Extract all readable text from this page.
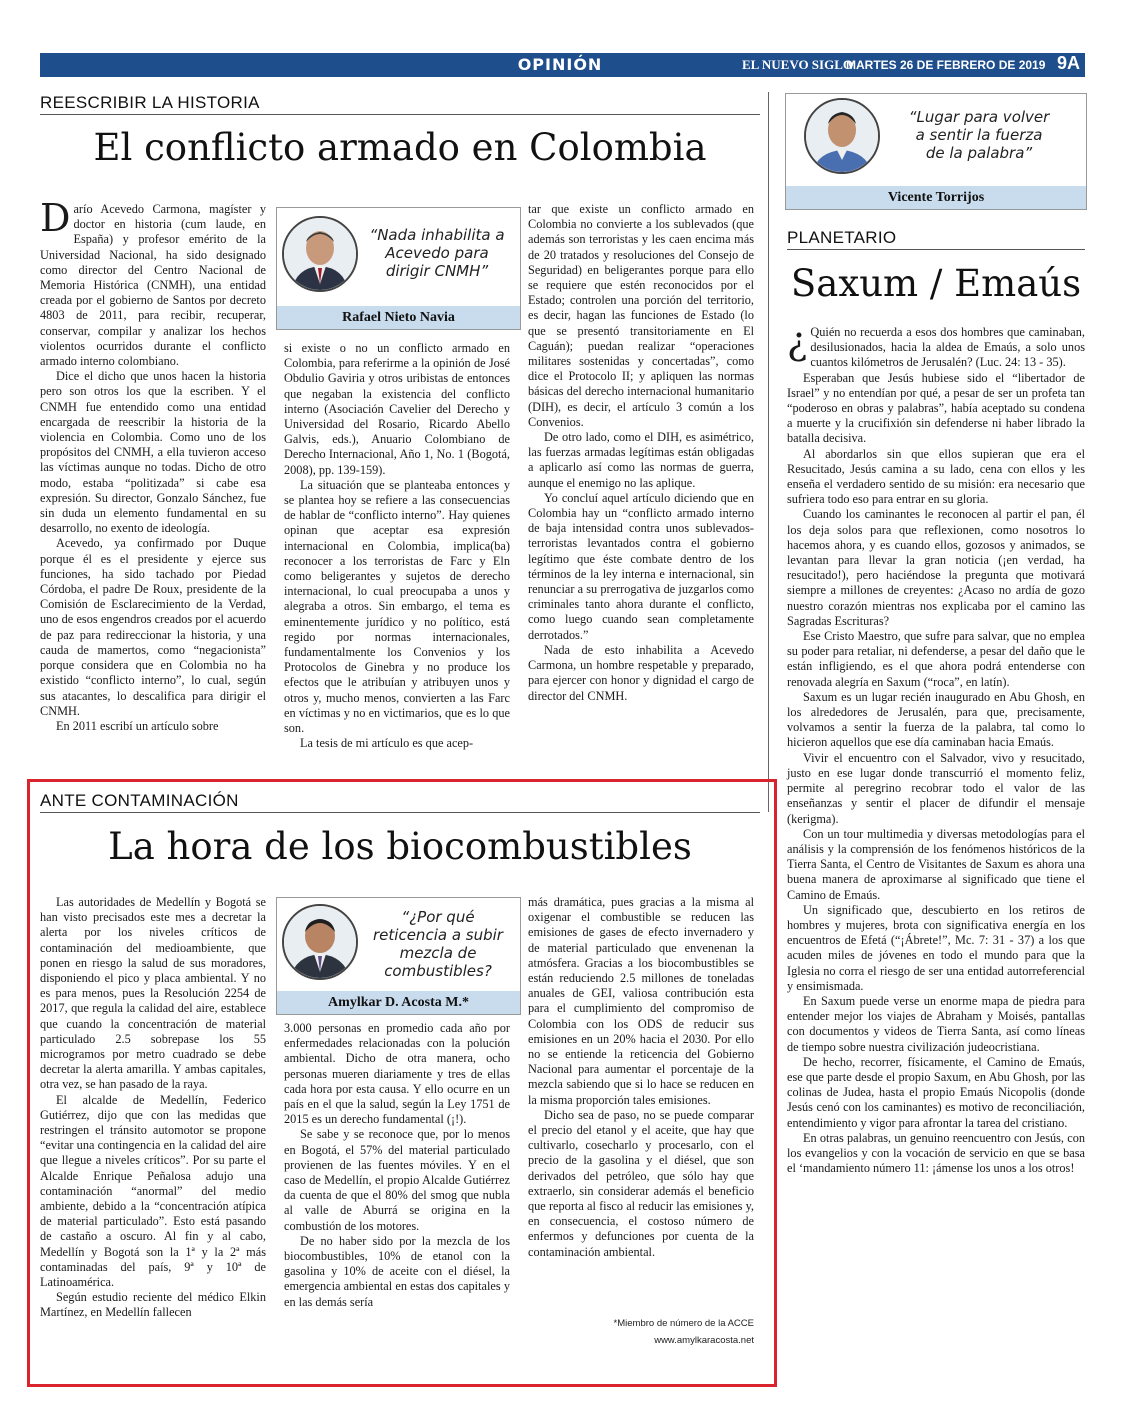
OPINIÓN	EL NUEVO SIGLO
MARTES 26 DE FEBRERO DE 2019 9A
REESCRIBIR LA HISTORIA
El conflicto armado en Colombia

Darío Acevedo Carmona, magíster y doctor en historia (cum laude, en España) y profesor emérito de la Universidad Nacional, ha sido designado como director del Centro Nacional de Memoria Histórica (CNMH), una entidad creada por el gobierno de Santos por decreto 4803 de 2011, para recibir, recuperar, conservar, compilar y analizar los hechos violentos ocurridos durante el conflicto armado interno colombiano.

Dice el dicho que unos hacen la historia pero son otros los que la escriben. Y el CNMH fue entendido como una entidad encargada de reescribir la historia de la violencia en Colombia. Como uno de los propósitos del CNMH, a ella tuvieron acceso las víctimas aunque no todas. Dicho de otro modo, estaba “politizada” si cabe esa expresión. Su director, Gonzalo Sánchez, fue sin duda un elemento fundamental en su desarrollo, no exento de ideología.

Acevedo, ya confirmado por Duque porque él es el presidente y ejerce sus funciones, ha sido tachado por Piedad Córdoba, el padre De Roux, presidente de la Comisión de Esclarecimiento de la Verdad, uno de esos engendros creados por el acuerdo de paz para redireccionar la historia, y una cauda de mamertos, como “negacionista” porque considera que en Colombia no ha existido “conflicto interno”, lo cual, según sus atacantes, lo descalifica para dirigir el CNMH.

En 2011 escribí un artículo sobre

“Nada inhabilita a Acevedo para dirigir CNMH”
Rafael Nieto Navia

si existe o no un conflicto armado en Colombia, para referirme a la opinión de José Obdulio Gaviria y otros uribistas de entonces que negaban la existencia del conflicto interno (Asociación Cavelier del Derecho y Universidad del Rosario, Ricardo Abello Galvis, eds.), Anuario Colombiano de Derecho Internacional, Año 1, No. 1 (Bogotá, 2008), pp. 139-159).

La situación que se planteaba entonces y se plantea hoy se refiere a las consecuencias de hablar de “conflicto interno”. Hay quienes opinan que aceptar esa expresión internacional en Colombia, implica(ba) reconocer a los terroristas de Farc y Eln como beligerantes y sujetos de derecho internacional, lo cual preocupaba a unos y alegraba a otros. Sin embargo, el tema es eminentemente jurídico y no político, está regido por normas internacionales, fundamentalmente los Convenios y los Protocolos de Ginebra y no produce los efectos que le atribuían y atribuyen unos y otros y, mucho menos, convierten a las Farc en víctimas y no en victimarios, que es lo que son.

La tesis de mi artículo es que acep-

tar que existe un conflicto armado en Colombia no convierte a los sublevados (que además son terroristas y les caen encima más de 20 tratados y resoluciones del Consejo de Seguridad) en beligerantes porque para ello se requiere que estén reconocidos por el Estado; controlen una porción del territorio, es decir, hagan las funciones de Estado (lo que se presentó transitoriamente en El Caguán); puedan realizar “operaciones militares sostenidas y concertadas”, como dice el Protocolo II; y apliquen las normas básicas del derecho internacional humanitario (DIH), es decir, el artículo 3 común a los Convenios.

De otro lado, como el DIH, es asimétrico, las fuerzas armadas legítimas están obligadas a aplicarlo así como las normas de guerra, aunque el enemigo no las aplique.

Yo concluí aquel artículo diciendo que en Colombia hay un “conflicto armado interno de baja intensidad contra unos sublevados-terroristas levantados contra el gobierno legítimo que éste combate dentro de los términos de la ley interna e internacional, sin renunciar a su prerrogativa de juzgarlos como criminales tanto ahora durante el conflicto, como luego cuando sean completamente derrotados.”

Nada de esto inhabilita a Acevedo Carmona, un hombre respetable y preparado, para ejercer con honor y dignidad el cargo de director del CNMH.

ANTE CONTAMINACIÓN
La hora de los biocombustibles

Las autoridades de Medellín y Bogotá se han visto precisados este mes a decretar la alerta por los niveles críticos de contaminación del medioambiente, que ponen en riesgo la salud de sus moradores, disponiendo el pico y placa ambiental. Y no es para menos, pues la Resolución 2254 de 2017, que regula la calidad del aire, establece que cuando la concentración de material particulado 2.5 sobrepase los 55 microgramos por metro cuadrado se debe decretar la alerta amarilla. Y ambas capitales, otra vez, se han pasado de la raya.

El alcalde de Medellín, Federico Gutiérrez, dijo que con las medidas que restringen el tránsito automotor se propone “evitar una contingencia en la calidad del aire que llegue a niveles críticos”. Por su parte el Alcalde Enrique Peñalosa adujo una contaminación “anormal” del medio ambiente, debido a la “concentración atípica de material particulado”. Esto está pasando de castaño a oscuro. Al fin y al cabo, Medellín y Bogotá son la 1ª y la 2ª más contaminadas del país, 9ª y 10ª de Latinoamérica.

Según estudio reciente del médico Elkin Martínez, en Medellín fallecen

“¿Por qué reticencia a subir mezcla de combustibles?
Amylkar D. Acosta M.*

3.000 personas en promedio cada año por enfermedades relacionadas con la polución ambiental. Dicho de otra manera, ocho personas mueren diariamente y tres de ellas cada hora por esta causa. Y ello ocurre en un país en el que la salud, según la Ley 1751 de 2015 es un derecho fundamental (¡!).

Se sabe y se reconoce que, por lo menos en Bogotá, el 57% del material particulado provienen de las fuentes móviles. Y en el caso de Medellín, el propio Alcalde Gutiérrez da cuenta de que el 80% del smog que nubla al valle de Aburrá se origina en la combustión de los motores.

De no haber sido por la mezcla de los biocombustibles, 10% de etanol con la gasolina y 10% de aceite con el diésel, la emergencia ambiental en estas dos capitales y en las demás sería

más dramática, pues gracias a la misma al oxigenar el combustible se reducen las emisiones de gases de efecto invernadero y de material particulado que envenenan la atmósfera. Gracias a los biocombustibles se están reduciendo 2.5 millones de toneladas anuales de GEI, valiosa contribución esta para el cumplimiento del compromiso de Colombia con los ODS de reducir sus emisiones en un 20% hacia el 2030. Por ello no se entiende la reticencia del Gobierno Nacional para aumentar el porcentaje de la mezcla sabiendo que si lo hace se reducen en la misma proporción tales emisiones.

Dicho sea de paso, no se puede comparar el precio del etanol y el aceite, que hay que cultivarlo, cosecharlo y procesarlo, con el precio de la gasolina y el diésel, que son derivados del petróleo, que sólo hay que extraerlo, sin considerar además el beneficio que reporta al fisco al reducir las emisiones y, en consecuencia, el costoso número de enfermos y defunciones por cuenta de la contaminación ambiental.

*Miembro de número de la ACCE
www.amylkaracosta.net
“Lugar para volver a sentir la fuerza de la palabra”
Vicente Torrijos
PLANETARIO
Saxum / Emaús

¿ Quién no recuerda a esos dos hombres que caminaban, desilusionados, hacia la aldea de Emaús, a solo unos cuantos kilómetros de Jerusalén? (Luc. 24: 13 - 35).

Esperaban que Jesús hubiese sido el “libertador de Israel” y no entendían por qué, a pesar de ser un profeta tan “poderoso en obras y palabras”, había aceptado su condena a muerte y la crucifixión sin defenderse ni haber librado la batalla decisiva.

Al abordarlos sin que ellos supieran que era el Resucitado, Jesús camina a su lado, cena con ellos y les enseña el verdadero sentido de su misión: era necesario que sufriera todo eso para entrar en su gloria.

Cuando los caminantes le reconocen al partir el pan, él los deja solos para que reflexionen, como nosotros lo hacemos ahora, y es cuando ellos, gozosos y animados, se levantan para llevar la gran noticia (¡en verdad, ha resucitado!), pero haciéndose la pregunta que motivará siempre a millones de creyentes: ¿Acaso no ardía de gozo nuestro corazón mientras nos explicaba por el camino las Sagradas Escrituras?

Ese Cristo Maestro, que sufre para salvar, que no emplea su poder para retaliar, ni defenderse, a pesar del daño que le están infligiendo, es el que ahora podrá entenderse con renovada alegría en Saxum (“roca”, en latín).

Saxum es un lugar recién inaugurado en Abu Ghosh, en los alrededores de Jerusalén, para que, precisamente, volvamos a sentir la fuerza de la palabra, tal como lo hicieron aquellos que ese día caminaban hacia Emaús.

Vivir el encuentro con el Salvador, vivo y resucitado, justo en ese lugar donde transcurrió el momento feliz, permite al peregrino recobrar todo el valor de las enseñanzas y sentir el placer de difundir el mensaje (kerigma).

Con un tour multimedia y diversas metodologías para el análisis y la comprensión de los fenómenos históricos de la Tierra Santa, el Centro de Visitantes de Saxum es ahora una buena manera de aproximarse al significado que tiene el Camino de Emaús.

Un significado que, descubierto en los retiros de hombres y mujeres, brota con significativa energía en los encuentros de Efetá (“¡Ábrete!”, Mc. 7: 31 - 37) a los que acuden miles de jóvenes en todo el mundo para que la Iglesia no corra el riesgo de ser una entidad autorreferencial y ensimismada.

En Saxum puede verse un enorme mapa de piedra para entender mejor los viajes de Abraham y Moisés, pantallas con documentos y videos de Tierra Santa, así como líneas de tiempo sobre nuestra civilización judeocristiana.

De hecho, recorrer, físicamente, el Camino de Emaús, ese que parte desde el propio Saxum, en Abu Ghosh, por las colinas de Judea, hasta el propio Emaús Nicopolis (donde Jesús cenó con los caminantes) es motivo de reconciliación, entendimiento y vigor para afrontar la tarea del cristiano.

En otras palabras, un genuino reencuentro con Jesús, con los evangelios y con la vocación de servicio en que se basa el ‘mandamiento número 11: ¡ámense los unos a los otros!
